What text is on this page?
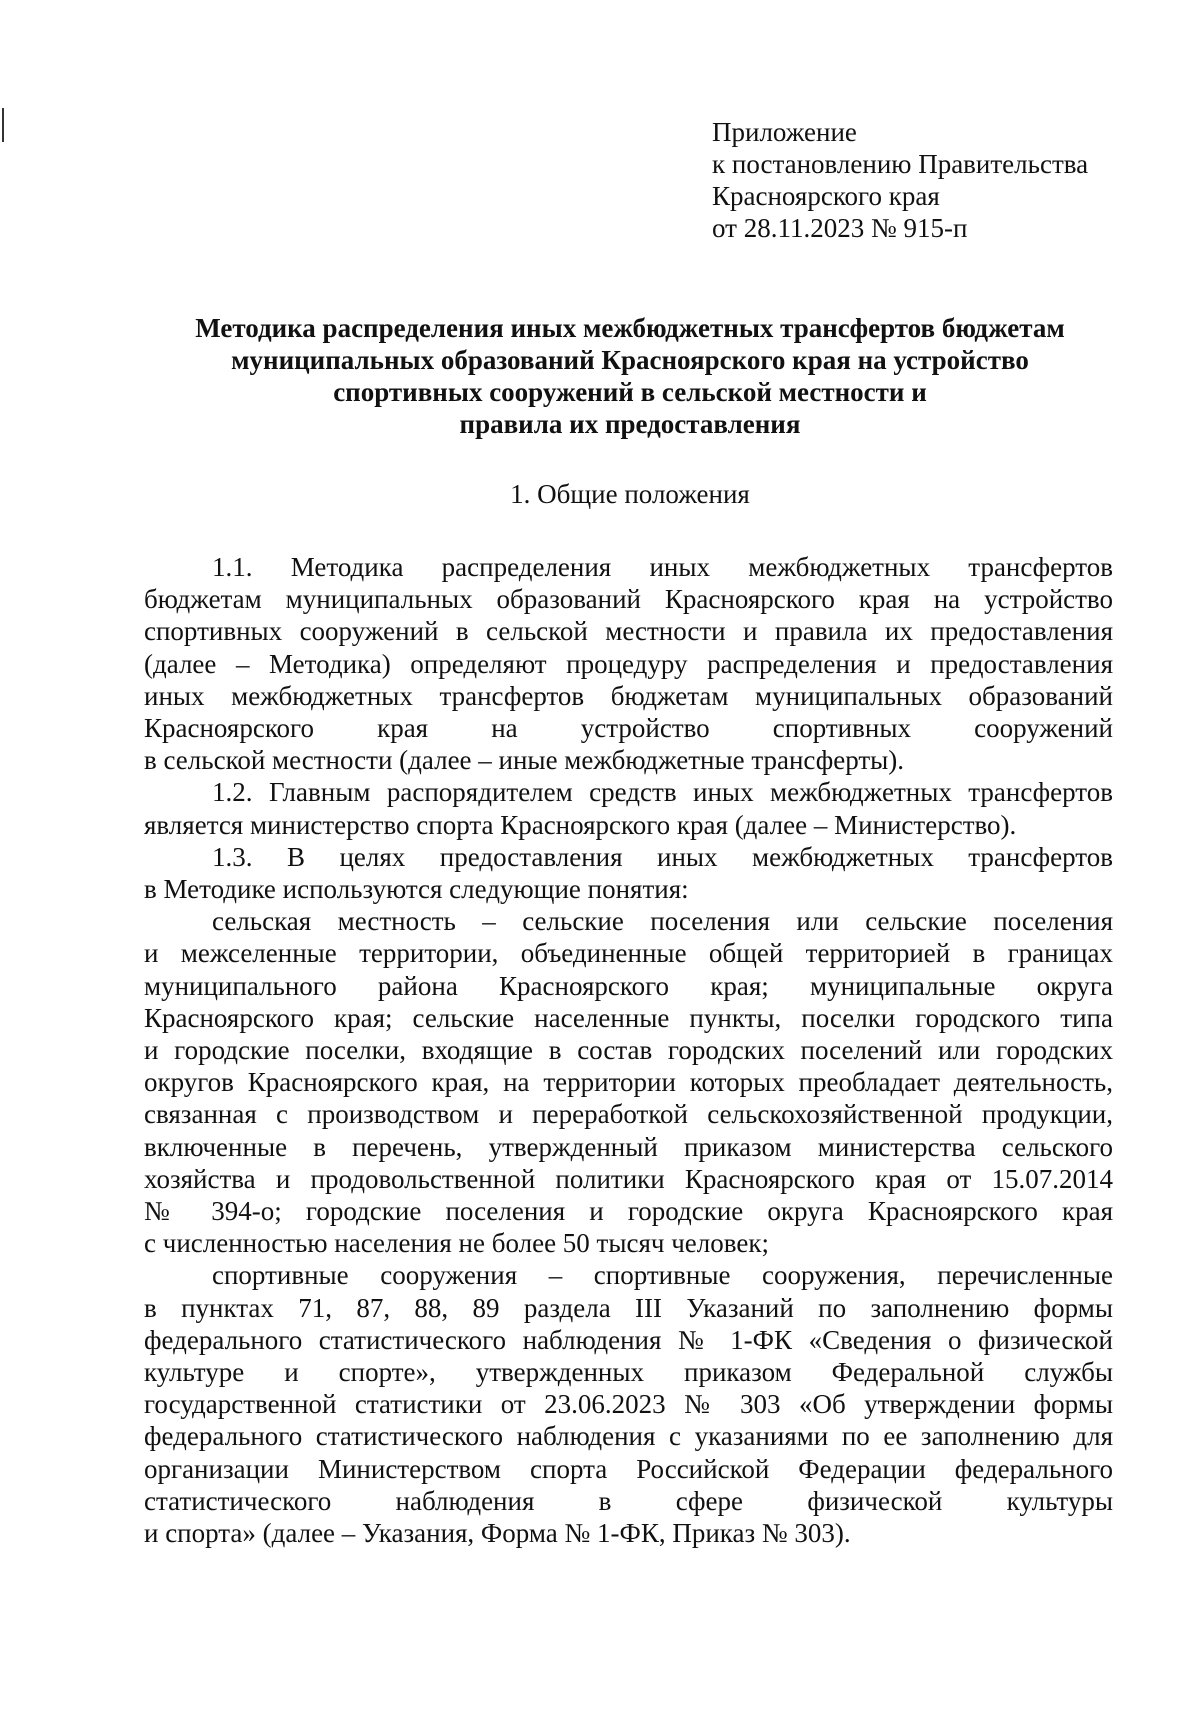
Приложение
к постановлению Правительства
Красноярского края
от 28.11.2023 № 915-п
Методика распределения иных межбюджетных трансфертов бюджетам
муниципальных образований Красноярского края на устройство
спортивных сооружений в сельской местности и
правила их предоставления
1. Общие положения
1.1. Методика распределения иных межбюджетных трансфертов
бюджетам муниципальных образований Красноярского края на устройство
спортивных сооружений в сельской местности и правила их предоставления
(далее – Методика) определяют процедуру распределения и предоставления
иных межбюджетных трансфертов бюджетам муниципальных образований
Красноярского края на устройство спортивных сооружений
в сельской местности (далее – иные межбюджетные трансферты).
1.2. Главным распорядителем средств иных межбюджетных трансфертов
является министерство спорта Красноярского края (далее – Министерство).
1.3. В целях предоставления иных межбюджетных трансфертов
в Методике используются следующие понятия:
сельская местность – сельские поселения или сельские поселения
и межселенные территории, объединенные общей территорией в границах
муниципального района Красноярского края; муниципальные округа
Красноярского края; сельские населенные пункты, поселки городского типа
и городские поселки, входящие в состав городских поселений или городских
округов Красноярского края, на территории которых преобладает деятельность,
связанная с производством и переработкой сельскохозяйственной продукции,
включенные в перечень, утвержденный приказом министерства сельского
хозяйства и продовольственной политики Красноярского края от 15.07.2014
№ 394-о; городские поселения и городские округа Красноярского края
с численностью населения не более 50 тысяч человек;
спортивные сооружения – спортивные сооружения, перечисленные
в пунктах 71, 87, 88, 89 раздела III Указаний по заполнению формы
федерального статистического наблюдения № 1-ФК «Сведения о физической
культуре и спорте», утвержденных приказом Федеральной службы
государственной статистики от 23.06.2023 № 303 «Об утверждении формы
федерального статистического наблюдения с указаниями по ее заполнению для
организации Министерством спорта Российской Федерации федерального
статистического наблюдения в сфере физической культуры
и спорта» (далее – Указания, Форма № 1-ФК, Приказ № 303).
